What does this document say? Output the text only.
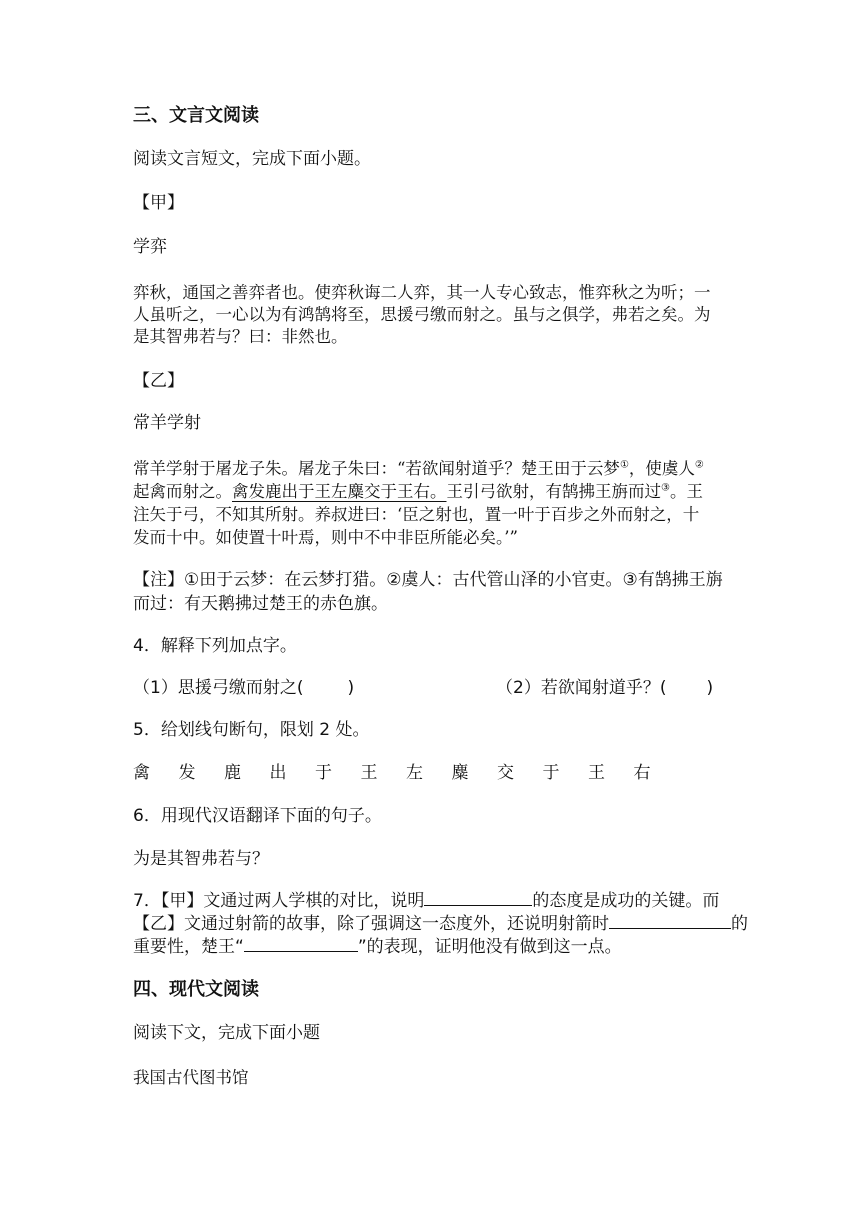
三、文言文阅读
阅读文言短文，完成下面小题。
【甲】
学弈
弈秋，通国之善弈者也。使弈秋诲二人弈，其一人专心致志，惟弈秋之为听；一
人虽听之，一心以为有鸿鹄将至，思援弓缴而射之。虽与之俱学，弗若之矣。为
是其智弗若与？曰：非然也。
【乙】
常羊学射
常羊学射于屠龙子朱。屠龙子朱曰：“若欲闻射道乎？楚王田于云梦①，使虞人②
起禽而射之。禽发鹿出于王左麋交于王右。王引弓欲射，有鹄拂王旃而过③。王
注矢于弓，不知其所射。养叔进曰：‘臣之射也，置一叶于百步之外而射之，十
发而十中。如使置十叶焉，则中不中非臣所能必矣。’”
【注】①田于云梦：在云梦打猎。②虞人：古代管山泽的小官吏。③有鹄拂王旃
而过：有天鹅拂过楚王的赤色旗。
4．解释下列加点字。
（1）思援弓缴而射之(	)	（2）若欲闻射道乎？( )
5．给划线句断句，限划 2 处。
禽 发 鹿 出 于 王 左 麋 交 于 王 右
6．用现代汉语翻译下面的句子。
为是其智弗若与？
7．【甲】文通过两人学棋的对比，说明	的态度是成功的关键。而
【乙】文通过射箭的故事，除了强调这一态度外，还说明射箭时	的
重要性，楚王“	”的表现，证明他没有做到这一点。
四、现代文阅读
阅读下文，完成下面小题
我国古代图书馆
